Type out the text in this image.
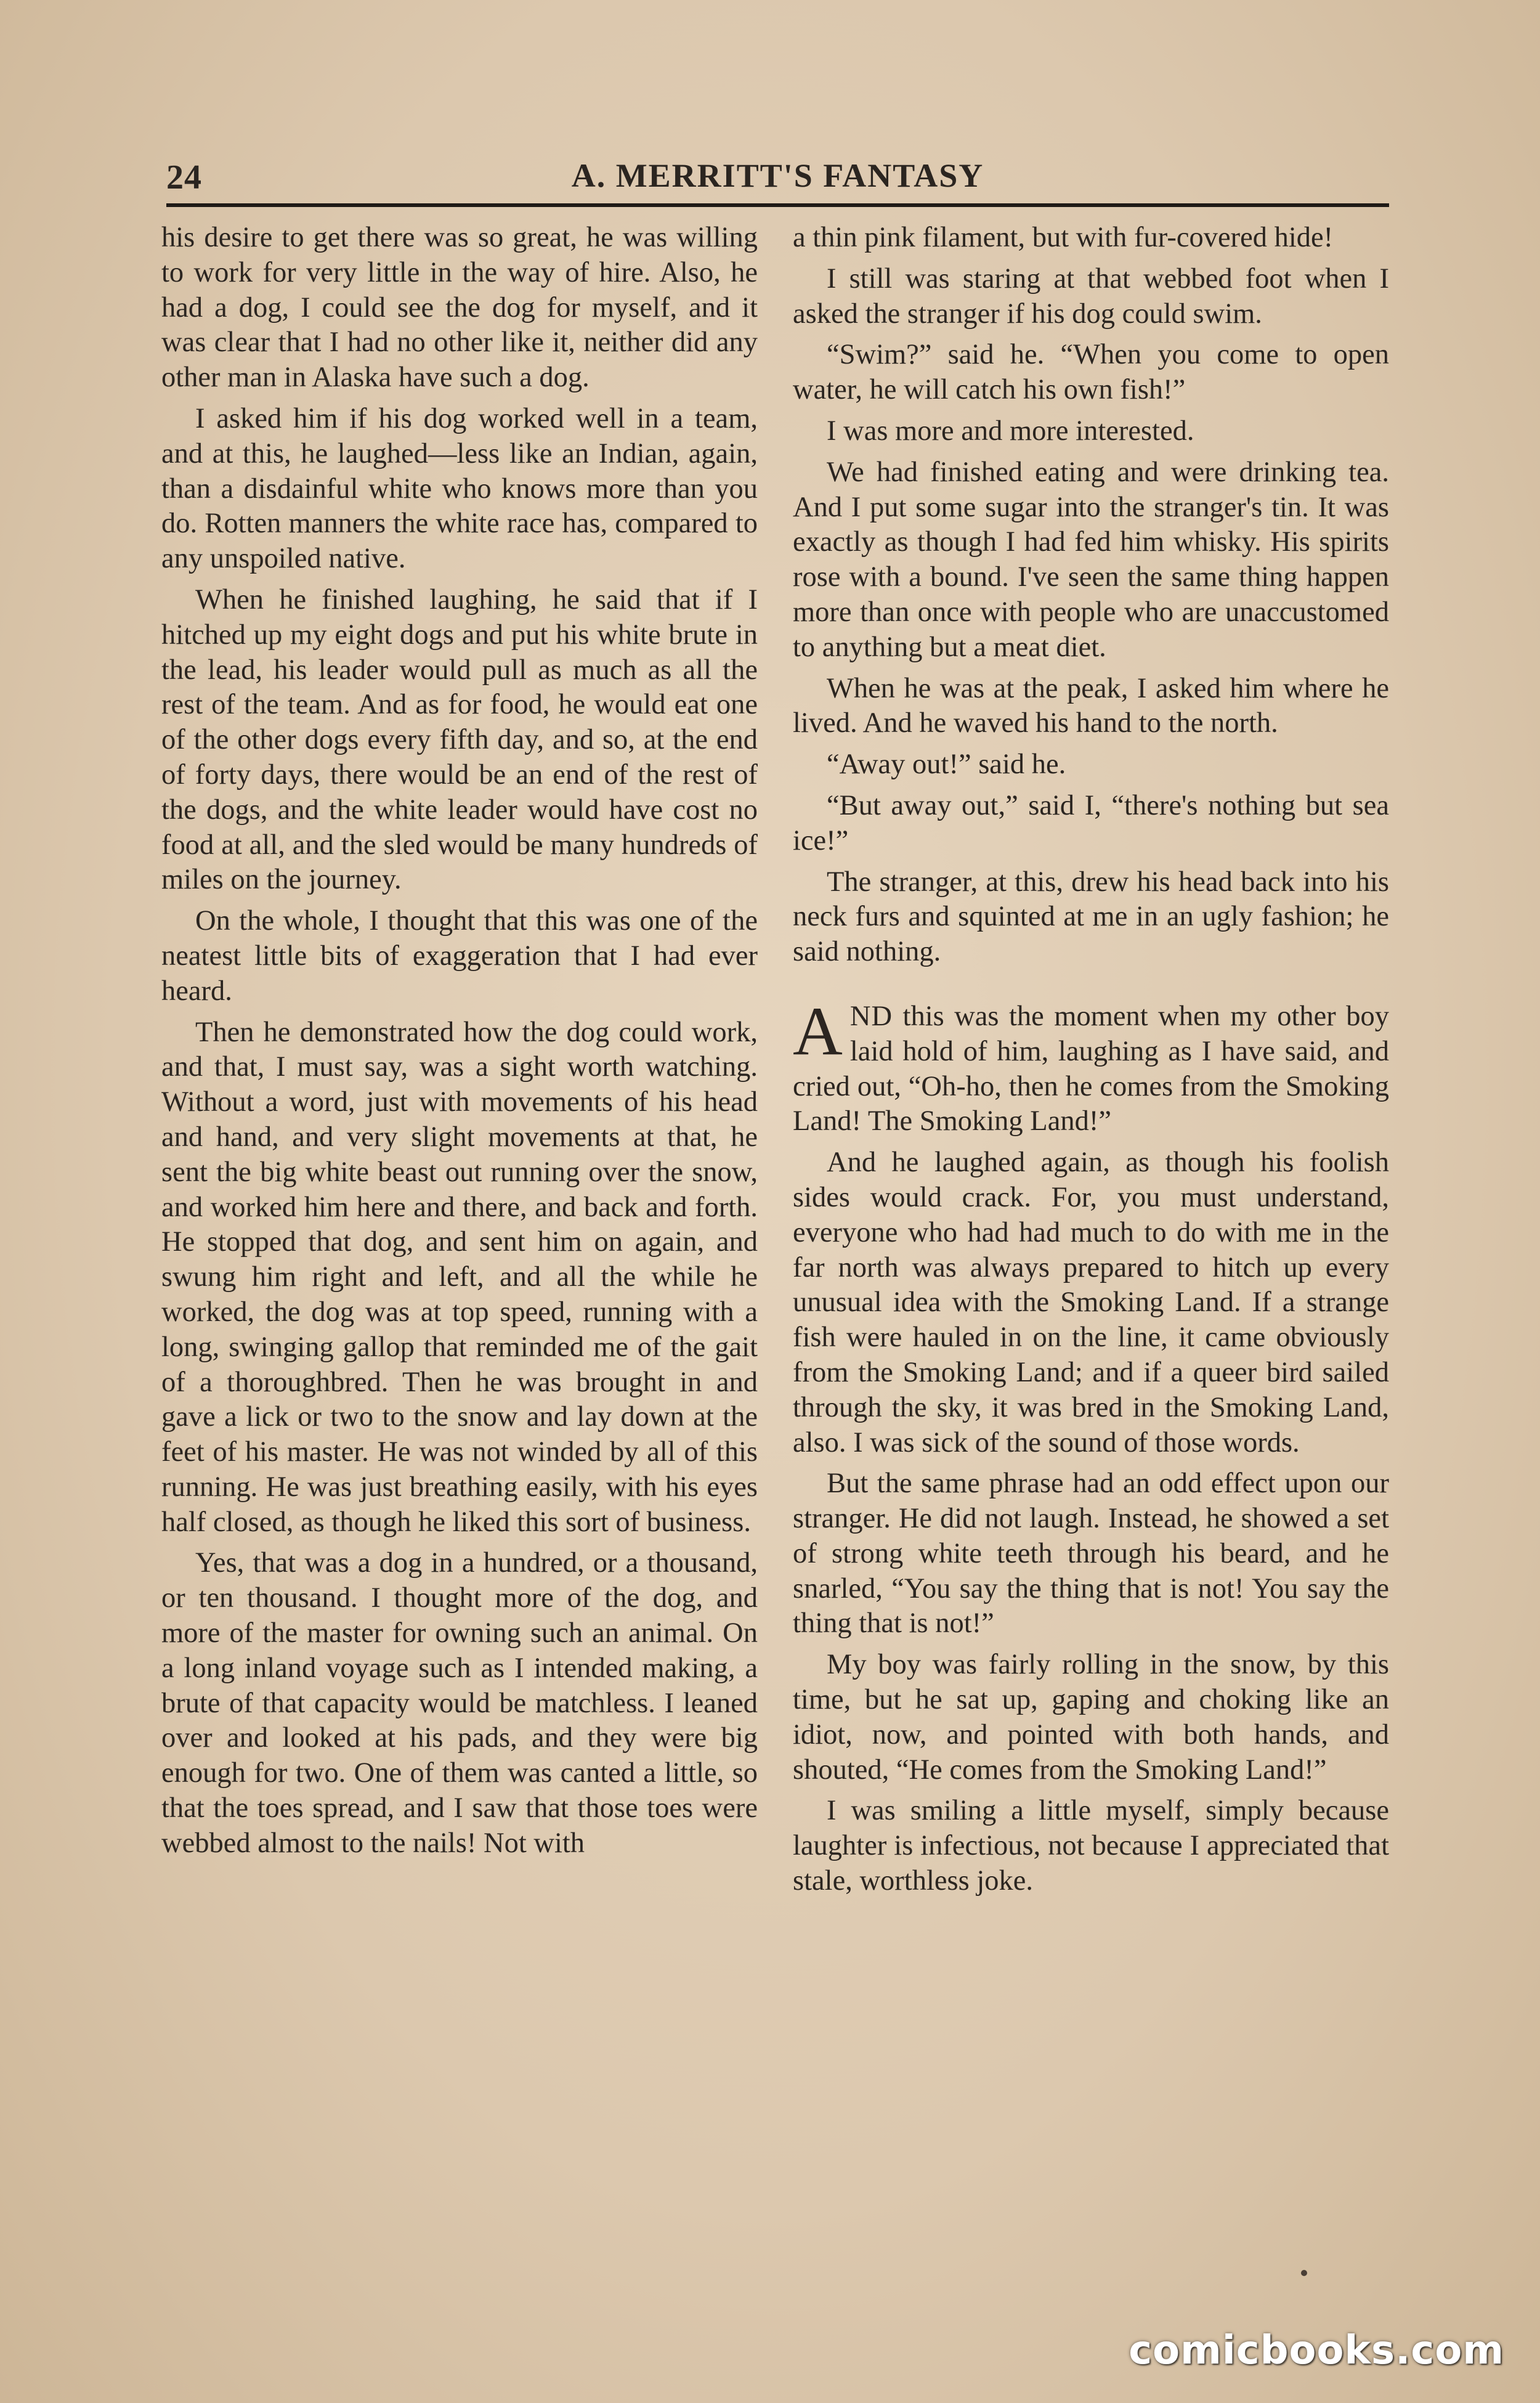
24	A. MERRITT'S FANTASY

his desire to get there was so great, he was willing to work for very little in the way of hire. Also, he had a dog, I could see the dog for myself, and it was clear that I had no other like it, neither did any other man in Alaska have such a dog.

I asked him if his dog worked well in a team, and at this, he laughed—less like an Indian, again, than a disdainful white who knows more than you do. Rotten manners the white race has, compared to any unspoiled native.

When he finished laughing, he said that if I hitched up my eight dogs and put his white brute in the lead, his leader would pull as much as all the rest of the team. And as for food, he would eat one of the other dogs every fifth day, and so, at the end of forty days, there would be an end of the rest of the dogs, and the white leader would have cost no food at all, and the sled would be many hundreds of miles on the journey.

On the whole, I thought that this was one of the neatest little bits of exaggeration that I had ever heard.

Then he demonstrated how the dog could work, and that, I must say, was a sight worth watching. Without a word, just with movements of his head and hand, and very slight movements at that, he sent the big white beast out running over the snow, and worked him here and there, and back and forth. He stopped that dog, and sent him on again, and swung him right and left, and all the while he worked, the dog was at top speed, running with a long, swinging gallop that reminded me of the gait of a thoroughbred. Then he was brought in and gave a lick or two to the snow and lay down at the feet of his master. He was not winded by all of this running. He was just breathing easily, with his eyes half closed, as though he liked this sort of business.

Yes, that was a dog in a hundred, or a thousand, or ten thousand. I thought more of the dog, and more of the master for owning such an animal. On a long inland voyage such as I intended making, a brute of that capacity would be matchless. I leaned over and looked at his pads, and they were big enough for two. One of them was canted a little, so that the toes spread, and I saw that those toes were webbed almost to the nails! Not with

a thin pink filament, but with fur-covered hide!

I still was staring at that webbed foot when I asked the stranger if his dog could swim.

“Swim?” said he. “When you come to open water, he will catch his own fish!”

I was more and more interested.

We had finished eating and were drinking tea. And I put some sugar into the stranger's tin. It was exactly as though I had fed him whisky. His spirits rose with a bound. I've seen the same thing happen more than once with people who are unaccustomed to anything but a meat diet.

When he was at the peak, I asked him where he lived. And he waved his hand to the north.

“Away out!” said he.

“But away out,” said I, “there's nothing but sea ice!”

The stranger, at this, drew his head back into his neck furs and squinted at me in an ugly fashion; he said nothing.

AND this was the moment when my other boy laid hold of him, laughing as I have said, and cried out, “Oh-ho, then he comes from the Smoking Land! The Smoking Land!”

And he laughed again, as though his foolish sides would crack. For, you must understand, everyone who had had much to do with me in the far north was always prepared to hitch up every unusual idea with the Smoking Land. If a strange fish were hauled in on the line, it came obviously from the Smoking Land; and if a queer bird sailed through the sky, it was bred in the Smoking Land, also. I was sick of the sound of those words.

But the same phrase had an odd effect upon our stranger. He did not laugh. Instead, he showed a set of strong white teeth through his beard, and he snarled, “You say the thing that is not! You say the thing that is not!”

My boy was fairly rolling in the snow, by this time, but he sat up, gaping and choking like an idiot, now, and pointed with both hands, and shouted, “He comes from the Smoking Land!”

I was smiling a little myself, simply because laughter is infectious, not because I appreciated that stale, worthless joke.

comicbooks.com
